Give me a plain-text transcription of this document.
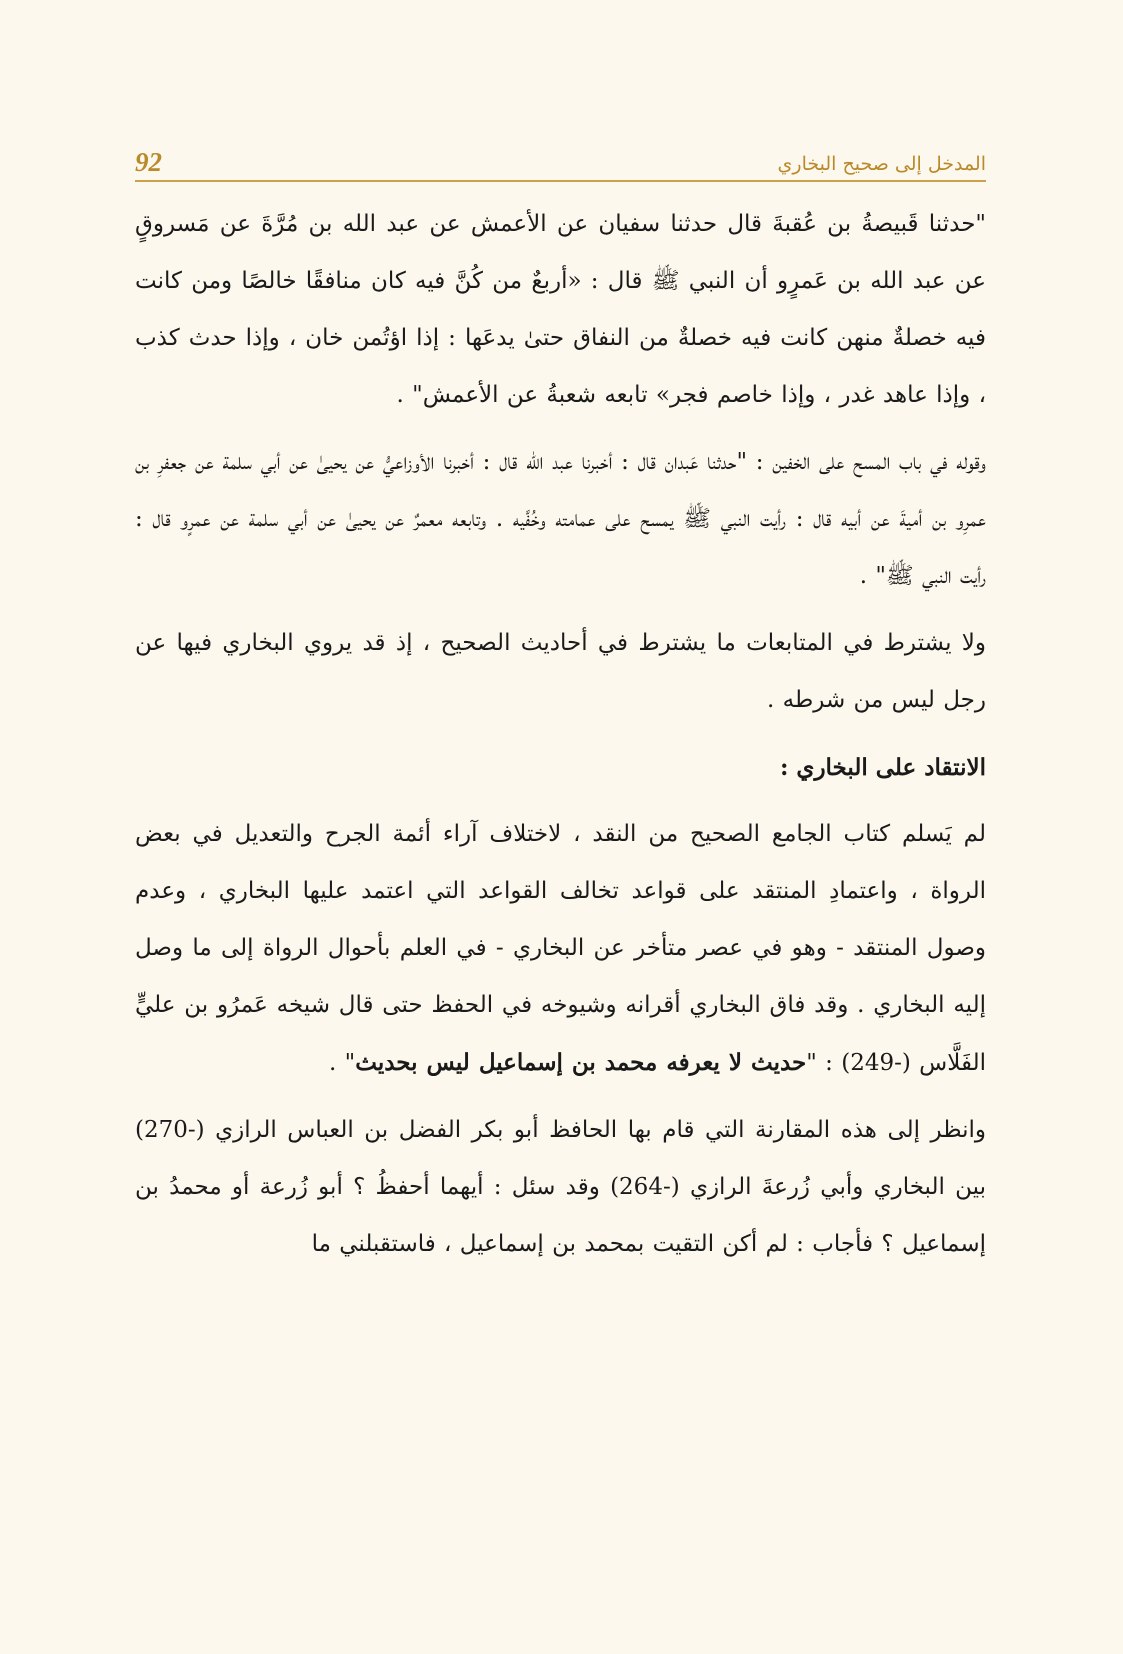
المدخل إلى صحيح البخاري
92

"حدثنا قَبيصةُ بن عُقبةَ قال حدثنا سفيان عن الأعمش عن عبد الله بن مُرَّةَ عن مَسروقٍ عن عبد الله بن عَمرٍو أن النبي ﷺ قال : «أربعٌ من كُنَّ فيه كان منافقًا خالصًا ومن كانت فيه خصلةٌ منهن كانت فيه خصلةٌ من النفاق حتىٰ يدعَها : إذا اؤتُمن خان ، وإذا حدث كذب ، وإذا عاهد غدر ، وإذا خاصم فجر» تابعه شعبةُ عن الأعمش" .

وقوله في باب المسح على الخفين : "حدثنا عَبدان قال : أخبرنا عبد الله قال : أخبرنا الأوزاعيُّ عن يحيىٰ عن أبي سلمة عن جعفرِ بن عمرِو بن أميةَ عن أبيه قال : رأيت النبي ﷺ يمسح على عمامته وخُفَّيه . وتابعه معمرٌ عن يحيىٰ عن أبي سلمة عن عمرٍو قال : رأيت النبي ﷺ" .

ولا يشترط في المتابعات ما يشترط في أحاديث الصحيح ، إذ قد يروي البخاري فيها عن رجل ليس من شرطه .

الانتقاد على البخاري :

لم يَسلم كتاب الجامع الصحيح من النقد ، لاختلاف آراء أئمة الجرح والتعديل في بعض الرواة ، واعتمادِ المنتقد على قواعد تخالف القواعد التي اعتمد عليها البخاري ، وعدم وصول المنتقد - وهو في عصر متأخر عن البخاري - في العلم بأحوال الرواة إلى ما وصل إليه البخاري . وقد فاق البخاري أقرانه وشيوخه في الحفظ حتى قال شيخه عَمرُو بن عليٍّ الفَلَّاس (-249) : "حديث لا يعرفه محمد بن إسماعيل ليس بحديث" .

وانظر إلى هذه المقارنة التي قام بها الحافظ أبو بكر الفضل بن العباس الرازي (-270) بين البخاري وأبي زُرعةَ الرازي (-264) وقد سئل : أيهما أحفظُ ؟ أبو زُرعة أو محمدُ بن إسماعيل ؟ فأجاب : لم أكن التقيت بمحمد بن إسماعيل ، فاستقبلني ما
